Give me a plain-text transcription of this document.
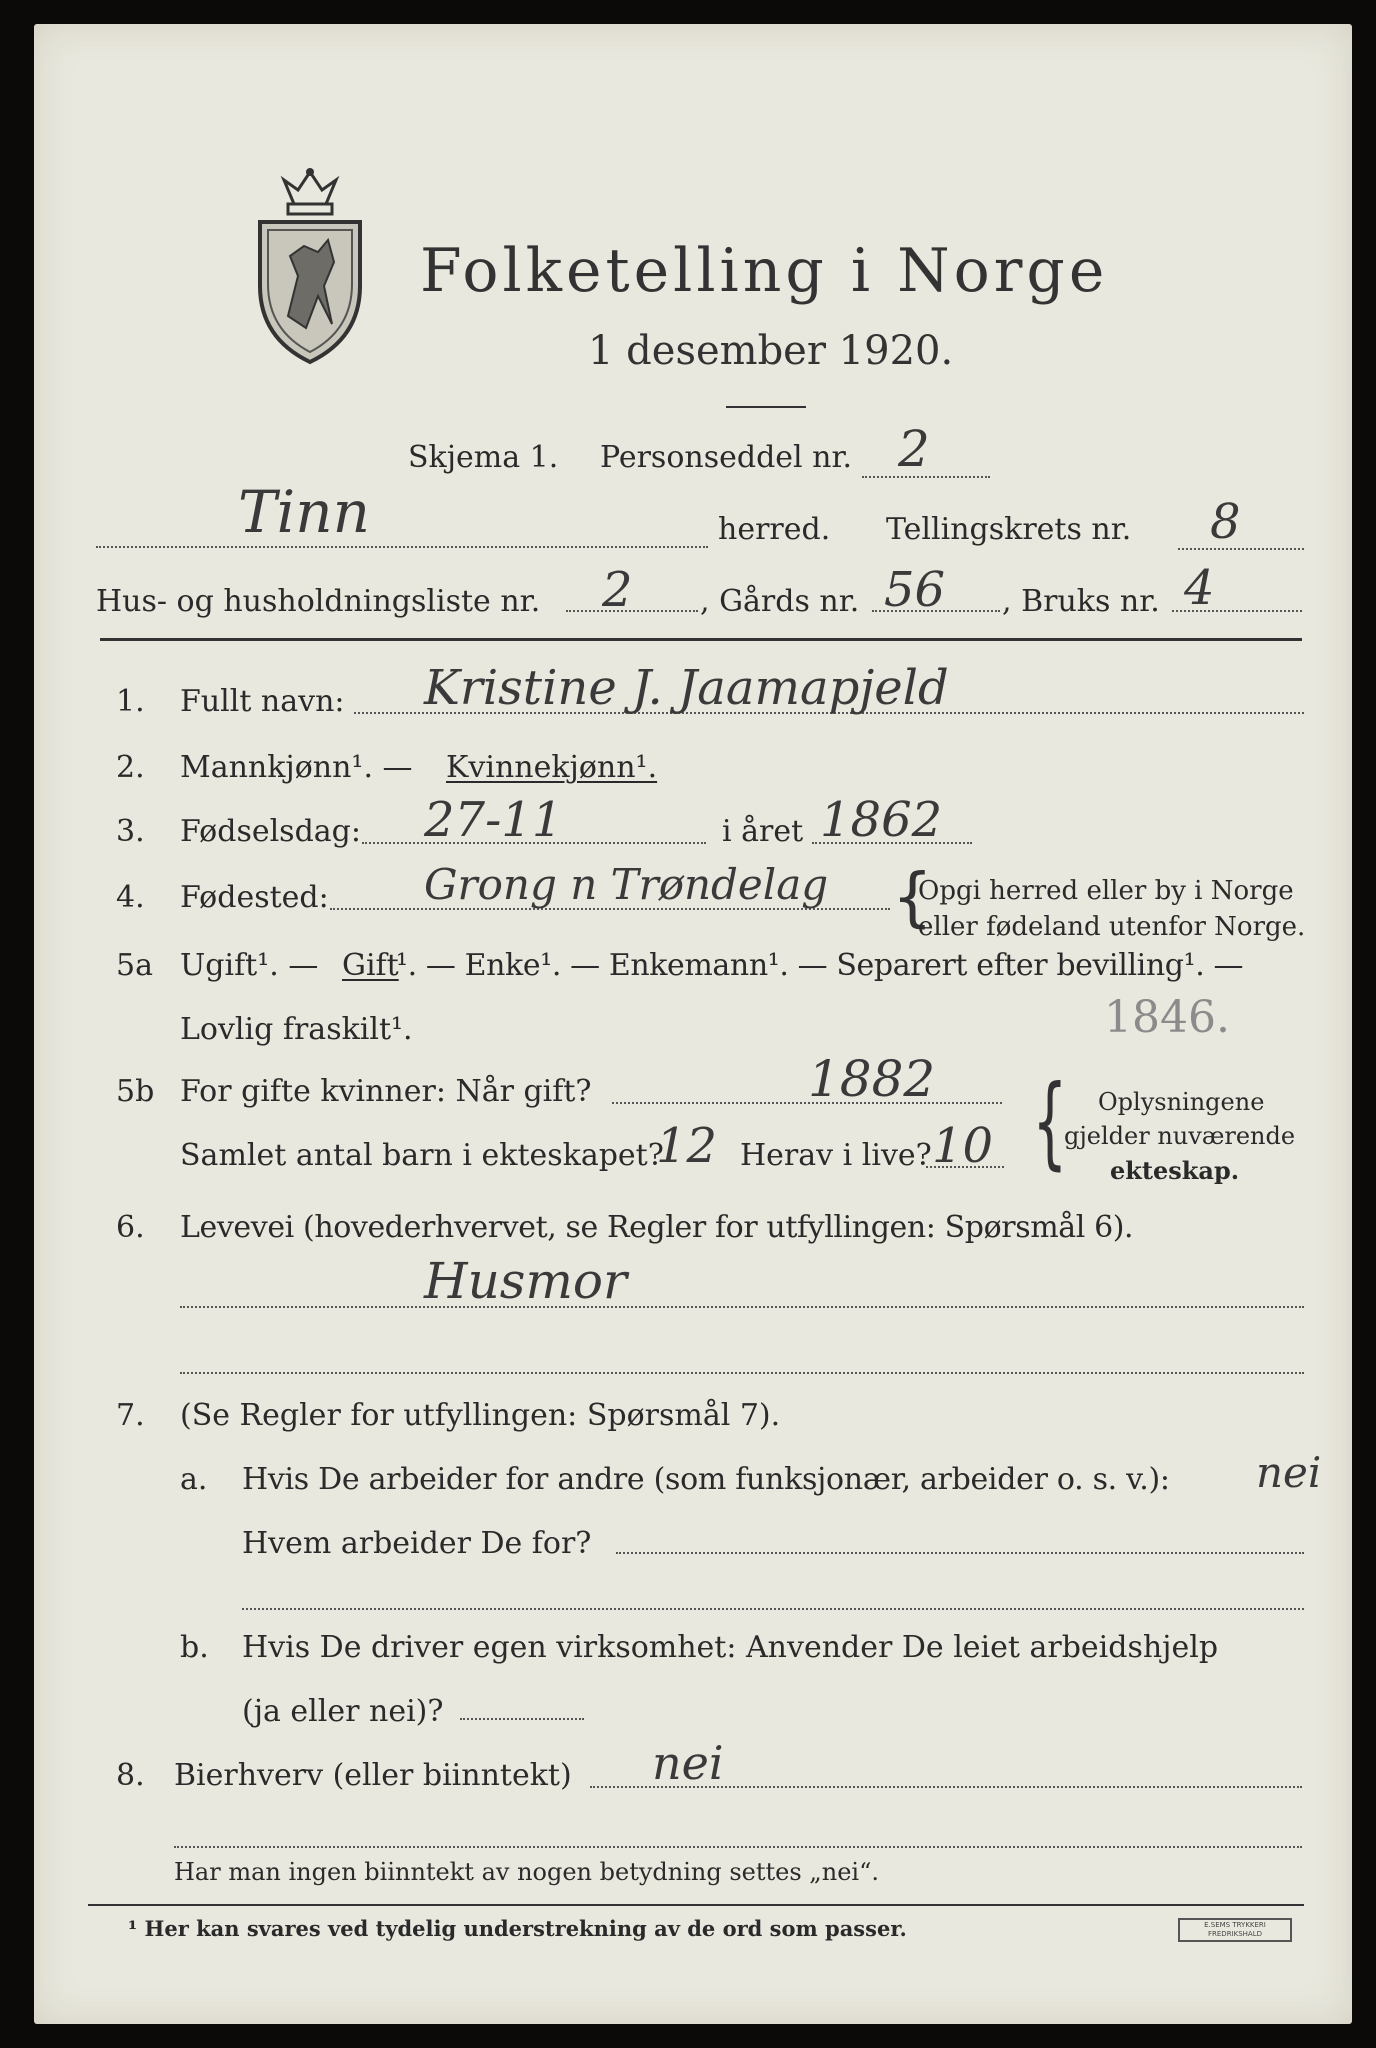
Folketelling i Norge
1 desember 1920.
Skjema 1. Personseddel nr. 2
Tinn	herred. Tellingskrets nr. 8
Hus- og husholdningsliste nr. 2 , Gårds nr. 56 , Bruks nr. 4
1. Fullt navn: Kristine J. Jaamapjeld
2. Mannkjønn¹. — Kvinnekjønn¹.
3. Fødselsdag: 27-11	i året 1862
4. Fødested: Grong n Trøndelag {
Opgi herred eller by i Norge
eller fødeland utenfor Norge.
5a Ugift¹. — Gift
¹. — Enke¹. — Enkemann¹. — Separert efter bevilling¹. —
Lovlig fraskilt¹.	1846.
5b For gifte kvinner: Når gift?	1882
Samlet antal barn i ekteskapet?
12 Herav i live? 10 { Oplysningene
gjelder nuværende
ekteskap.
6. Levevei (hovederhvervet, se Regler for utfyllingen: Spørsmål 6).
Husmor
7. (Se Regler for utfyllingen: Spørsmål 7).
a. Hvis De arbeider for andre (som funksjonær, arbeider o. s. v.): nei
Hvem arbeider De for?
b. Hvis De driver egen virksomhet: Anvender De leiet arbeidshjelp
(ja eller nei)?
8. Bierhverv (eller biinntekt) nei
Har man ingen biinntekt av nogen betydning settes „nei“.
¹ Her kan svares ved tydelig understrekning av de ord som passer.	E.SEMS TRYKKERI FREDRIKSHALD
